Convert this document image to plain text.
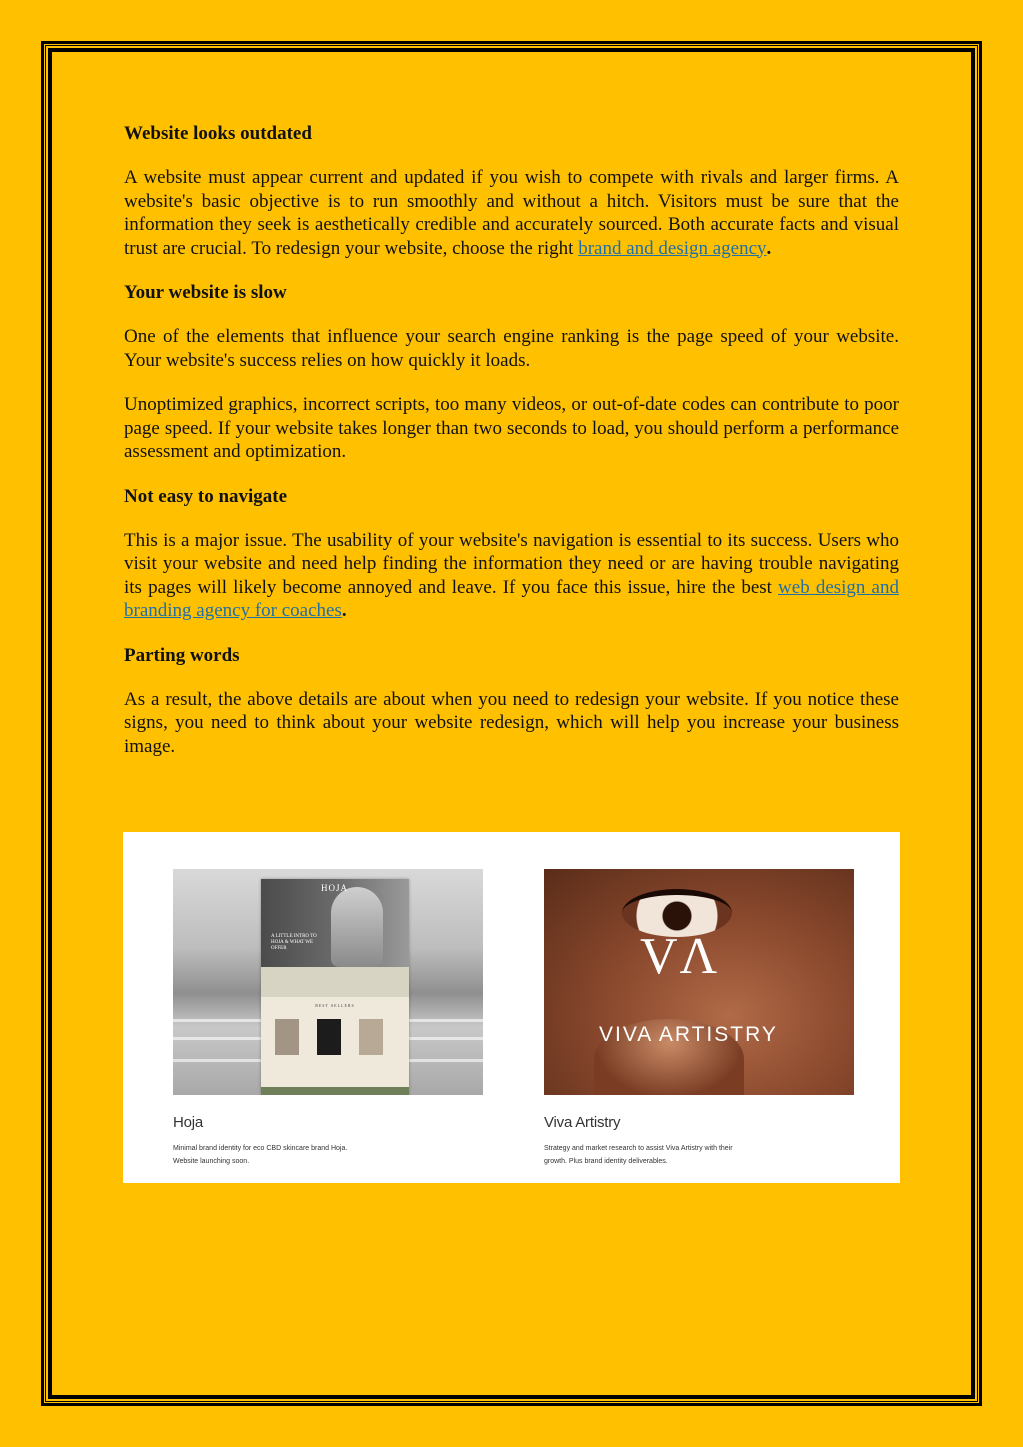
Website looks outdated

A website must appear current and updated if you wish to compete with rivals and larger firms. A website's basic objective is to run smoothly and without a hitch. Visitors must be sure that the information they seek is aesthetically credible and accurately sourced. Both accurate facts and visual trust are crucial. To redesign your website, choose the right brand and design agency.

Your website is slow

One of the elements that influence your search engine ranking is the page speed of your website. Your website's success relies on how quickly it loads.

Unoptimized graphics, incorrect scripts, too many videos, or out-of-date codes can contribute to poor page speed. If your website takes longer than two seconds to load, you should perform a performance assessment and optimization.

Not easy to navigate

This is a major issue. The usability of your website's navigation is essential to its success. Users who visit your website and need help finding the information they need or are having trouble navigating its pages will likely become annoyed and leave. If you face this issue, hire the best web design and branding agency for coaches.

Parting words

As a result, the above details are about when you need to redesign your website. If you notice these signs, you need to think about your website redesign, which will help you increase your business image.

HOJA
A LITTLE INTRO TO HOJA & WHAT WE OFFER
BEST SELLERS
Hoja
Minimal brand identity for eco CBD skincare brand Hoja.
Website launching soon.
VΛ
VIVA ARTISTRY
Viva Artistry
Strategy and market research to assist Viva Artistry with their
growth. Plus brand identity deliverables.
